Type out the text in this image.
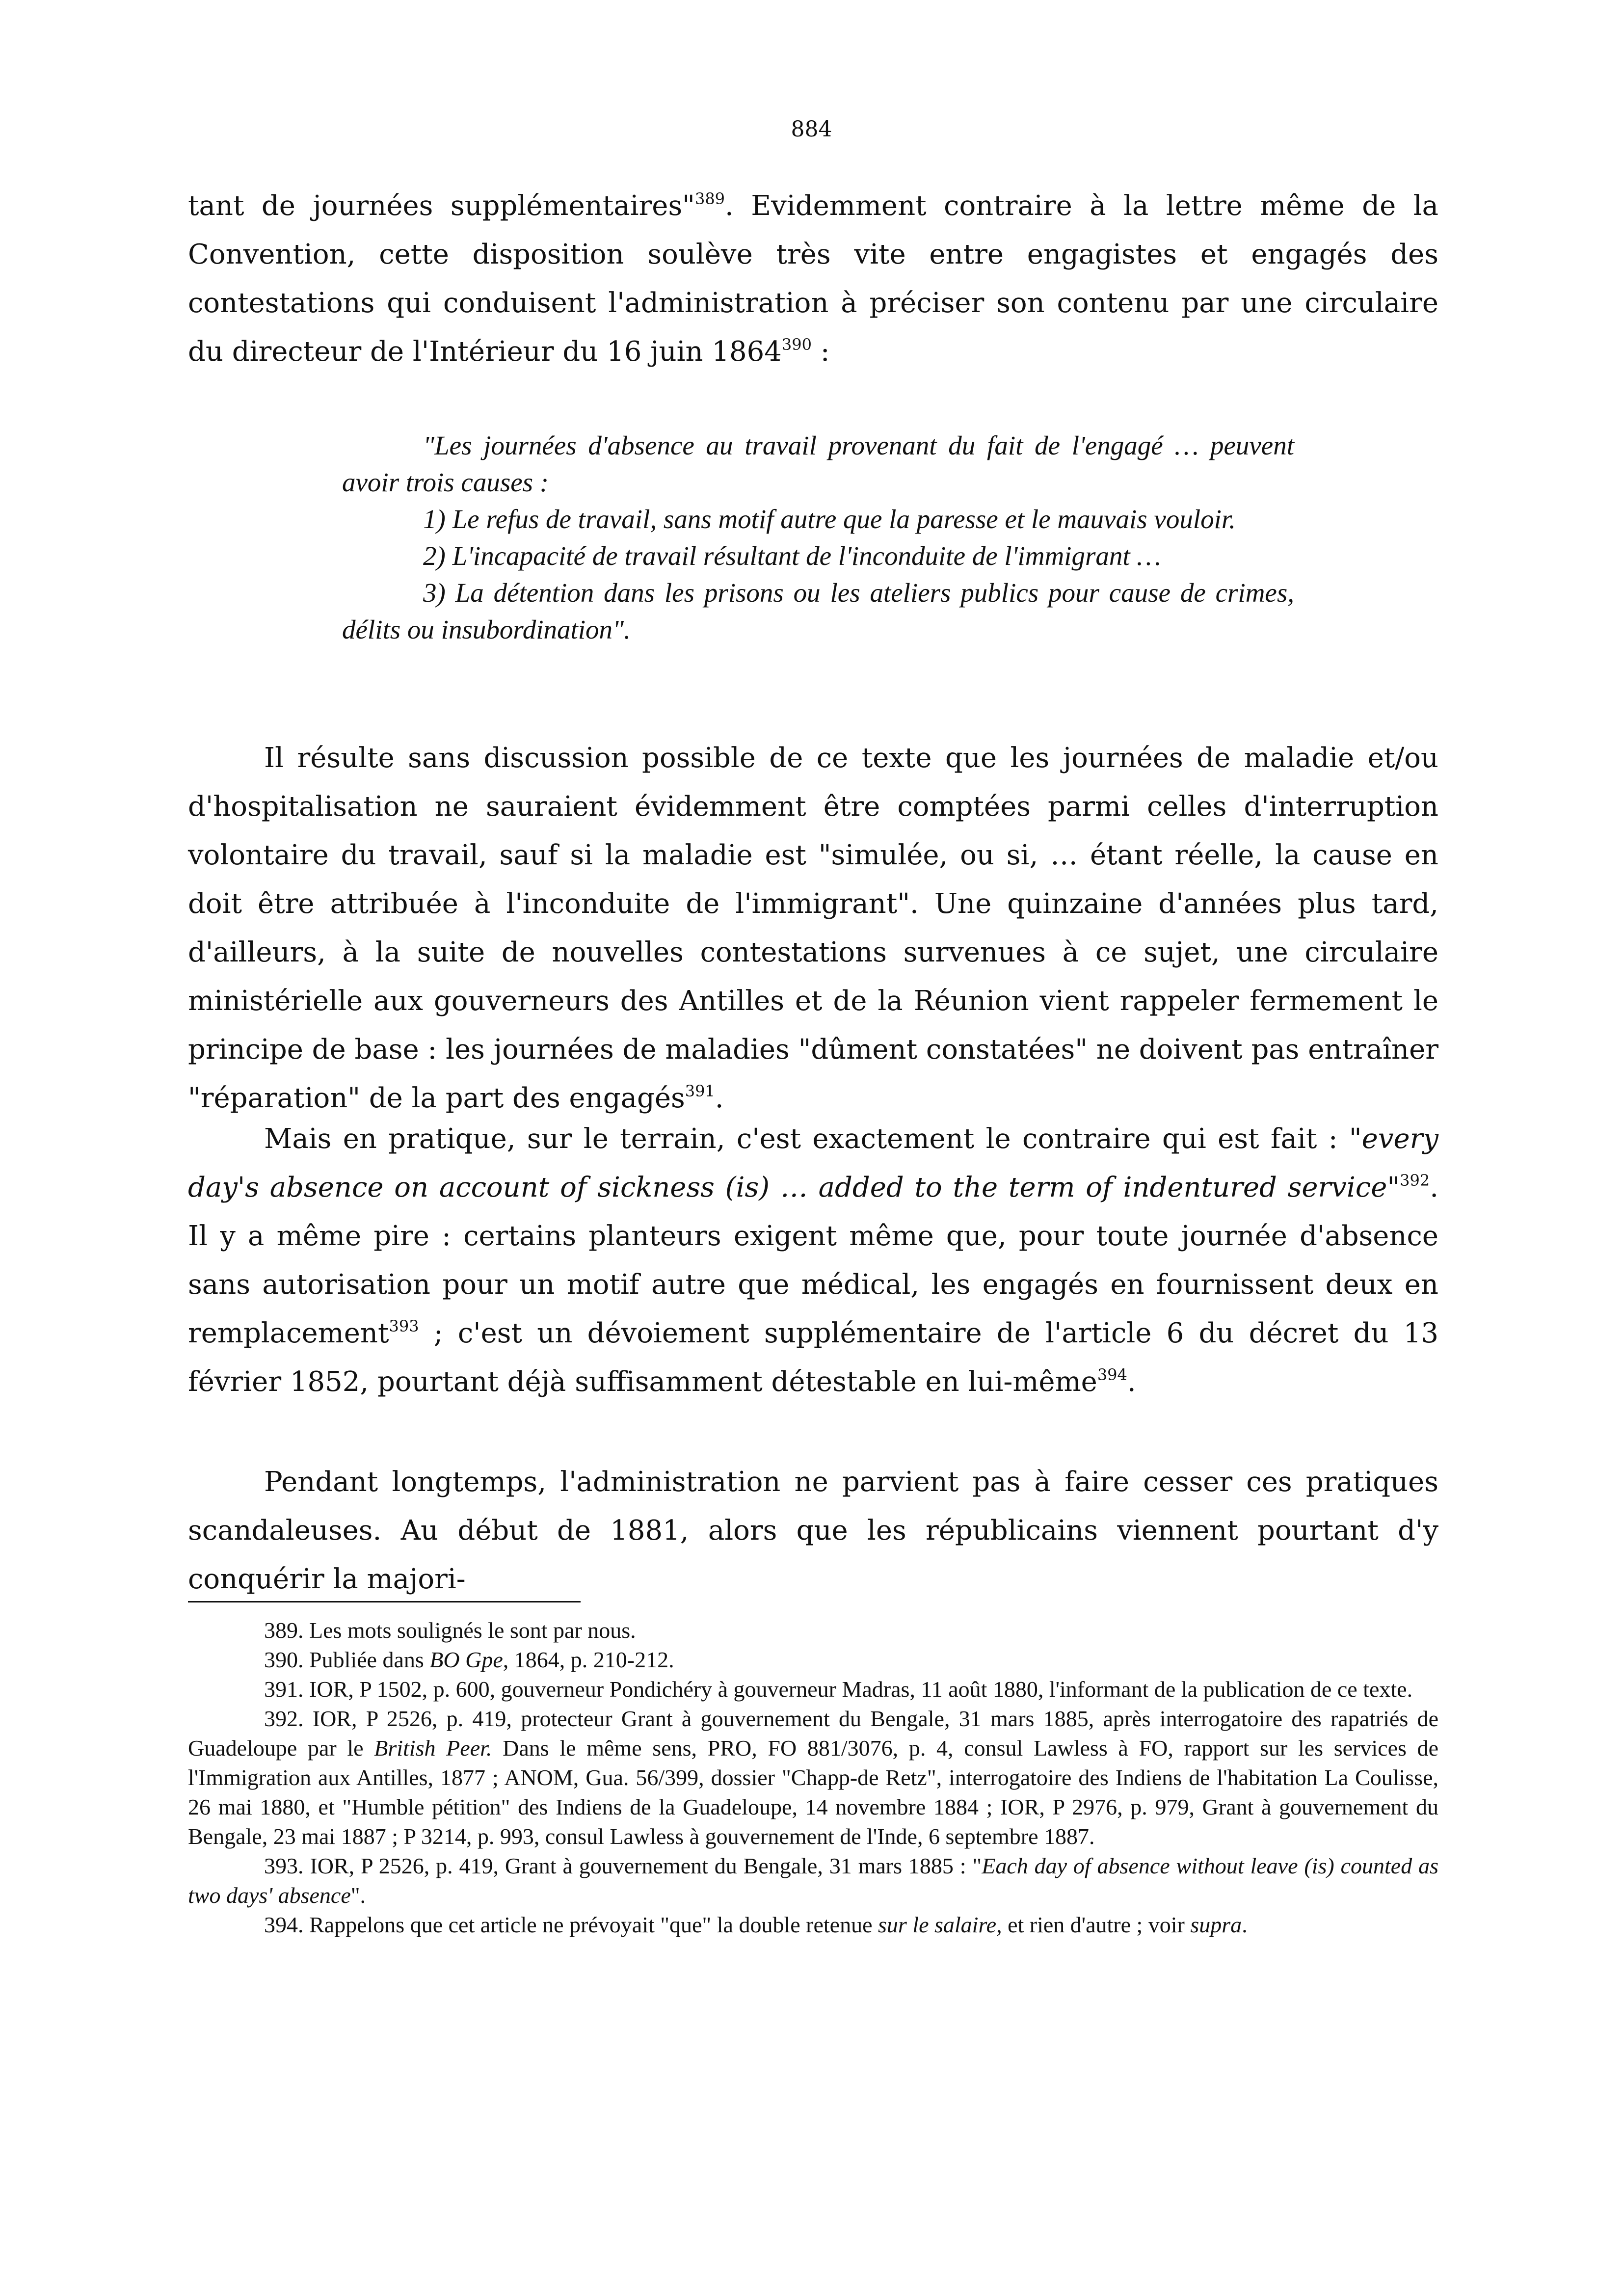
884

tant de journées supplémentaires"$^{389}$. Evidemment contraire à la lettre même de la Convention, cette disposition soulève très vite entre engagistes et engagés des contestations qui conduisent l'administration à préciser son contenu par une circulaire du directeur de l'Intérieur du 16 juin 1864$^{390}$ :

"Les journées d'absence au travail provenant du fait de l'engagé … peuvent avoir trois causes :

1) Le refus de travail, sans motif autre que la paresse et le mauvais vouloir.

2) L'incapacité de travail résultant de l'inconduite de l'immigrant …

3) La détention dans les prisons ou les ateliers publics pour cause de crimes, délits ou insubordination".

Il résulte sans discussion possible de ce texte que les journées de maladie et/ou d'hospitalisation ne sauraient évidemment être comptées parmi celles d'interruption volontaire du travail, sauf si la maladie est "simulée, ou si, … étant réelle, la cause en doit être attribuée à l'inconduite de l'immigrant". Une quinzaine d'années plus tard, d'ailleurs, à la suite de nouvelles contestations survenues à ce sujet, une circulaire ministérielle aux gouverneurs des Antilles et de la Réunion vient rappeler fermement le principe de base : les journées de maladies "dûment constatées" ne doivent pas entraîner "réparation" de la part des engagés$^{391}$.

Mais en pratique, sur le terrain, c'est exactement le contraire qui est fait : "every day's absence on account of sickness (is) … added to the term of indentured service"$^{392}$. Il y a même pire : certains planteurs exigent même que, pour toute journée d'absence sans autorisation pour un motif autre que médical, les engagés en fournissent deux en remplacement$^{393}$ ; c'est un dévoiement supplémentaire de l'article 6 du décret du 13 février 1852, pourtant déjà suffisamment détestable en lui-même$^{394}$.

Pendant longtemps, l'administration ne parvient pas à faire cesser ces pratiques scandaleuses. Au début de 1881, alors que les républicains viennent pourtant d'y conquérir la majori-

389. Les mots soulignés le sont par nous.

390. Publiée dans BO Gpe, 1864, p. 210-212.

391. IOR, P 1502, p. 600, gouverneur Pondichéry à gouverneur Madras, 11 août 1880, l'informant de la publication de ce texte.

392. IOR, P 2526, p. 419, protecteur Grant à gouvernement du Bengale, 31 mars 1885, après interrogatoire des rapatriés de Guadeloupe par le British Peer. Dans le même sens, PRO, FO 881/3076, p. 4, consul Lawless à FO, rapport sur les services de l'Immigration aux Antilles, 1877 ; ANOM, Gua. 56/399, dossier "Chapp-de Retz", interrogatoire des Indiens de l'habitation La Coulisse, 26 mai 1880, et "Humble pétition" des Indiens de la Guadeloupe, 14 novembre 1884 ; IOR, P 2976, p. 979, Grant à gouvernement du Bengale, 23 mai 1887 ; P 3214, p. 993, consul Lawless à gouvernement de l'Inde, 6 septembre 1887.

393. IOR, P 2526, p. 419, Grant à gouvernement du Bengale, 31 mars 1885 : "Each day of absence without leave (is) counted as two days' absence".

394. Rappelons que cet article ne prévoyait "que" la double retenue sur le salaire, et rien d'autre ; voir supra.
